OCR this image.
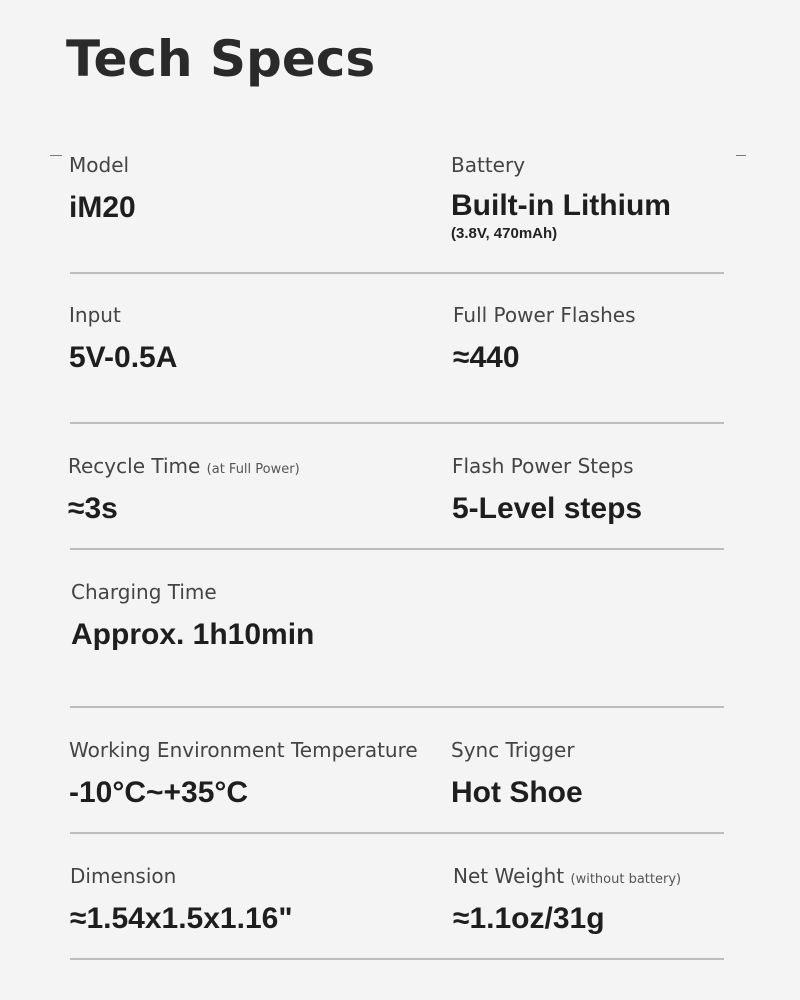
Tech Specs
Model
iM20
Battery
Built-in Lithium
(3.8V, 470mAh)
Input
5V-0.5A
Full Power Flashes
≈440
Recycle Time (at Full Power)
≈3s
Flash Power Steps
5-Level steps
Charging Time
Approx. 1h10min
Working Environment Temperature
-10°C~+35°C
Sync Trigger
Hot Shoe
Dimension
≈1.54x1.5x1.16"
Net Weight (without battery)
≈1.1oz/31g
